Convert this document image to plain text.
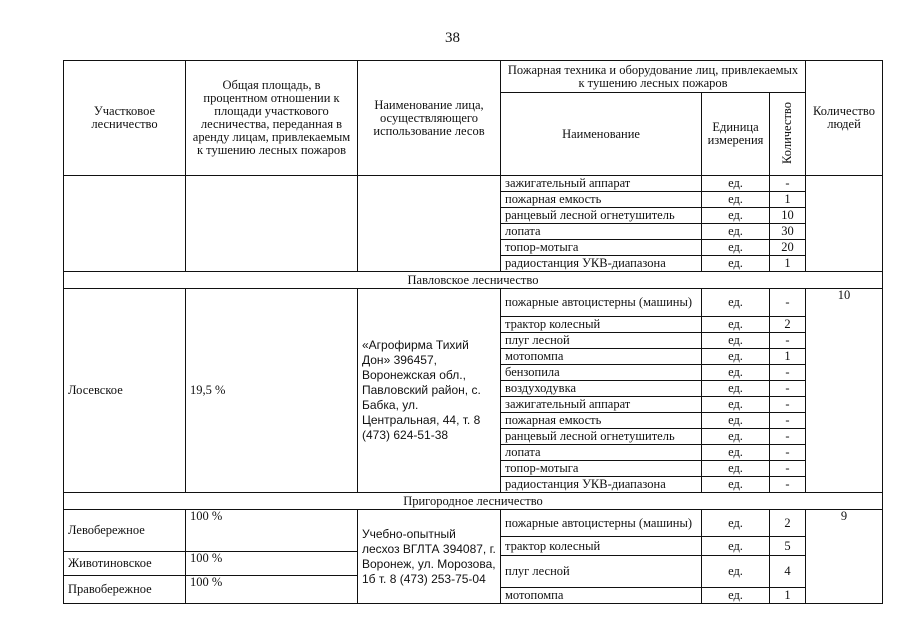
38
Участковое лесничество	Общая площадь, в процентном отношении к площади участкового лесничества, переданная в аренду лицам, привлекаемым к тушению лесных пожаров	Наименование лица, осуществляющего использование лесов	Пожарная техника и оборудование лиц, привлекаемых к тушению лесных пожаров			Количество людей
			Наименование	Единица измерения	Количество	
			зажигательный аппарат	ед.	-	
			пожарная емкость	ед.	1	
			ранцевый лесной огнетушитель	ед.	10	
			лопата	ед.	30	
			топор-мотыга	ед.	20	
			радиостанция УКВ-диапазона	ед.	1	
Павловское лесничество						
Лосевское	19,5 %	«Агрофирма Тихий Дон» 396457, Воронежская обл., Павловский район, с. Бабка, ул. Центральная, 44, т. 8 (473) 624-51-38	пожарные автоцистерны (машины)	ед.	-	10
			трактор колесный	ед.	2	
			плуг лесной	ед.	-	
			мотопомпа	ед.	1	
			бензопила	ед.	-	
			воздуходувка	ед.	-	
			зажигательный аппарат	ед.	-	
			пожарная емкость	ед.	-	
			ранцевый лесной огнетушитель	ед.	-	
			лопата	ед.	-	
			топор-мотыга	ед.	-	
			радиостанция УКВ-диапазона	ед.	-	
Пригородное лесничество						
Левобережное	100 %	Учебно-опытный лесхоз ВГЛТА 394087, г. Воронеж, ул. Морозова, 1б т. 8 (473) 253-75-04	пожарные автоцистерны (машины)	ед.	2	9
			трактор колесный	ед.	5	
Животиновское	100 %					
			плуг лесной	ед.	4	
Правобережное	100 %					
			мотопомпа	ед.	1	
